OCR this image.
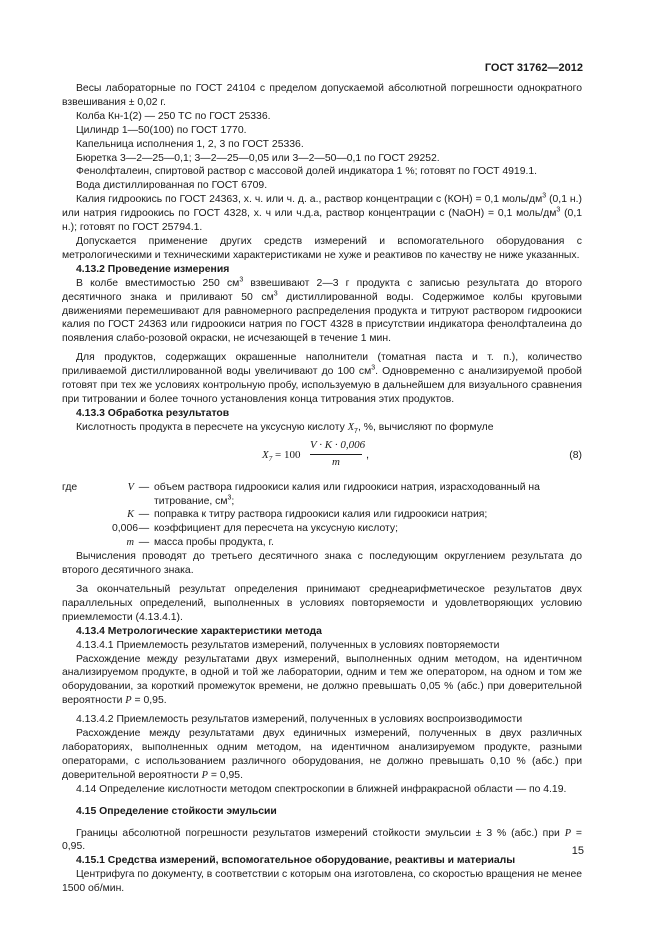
ГОСТ 31762—2012

Весы лабораторные по ГОСТ 24104 с пределом допускаемой абсолютной погрешности однократного взвешивания ± 0,02 г.

Колба Кн-1(2) — 250 ТС по ГОСТ 25336.

Цилиндр 1—50(100) по ГОСТ 1770.

Капельница исполнения 1, 2, 3 по ГОСТ 25336.

Бюретка 3—2—25—0,1; 3—2—25—0,05 или 3—2—50—0,1 по ГОСТ 29252.

Фенолфталеин, спиртовой раствор с массовой долей индикатора 1 %; готовят по ГОСТ 4919.1.

Вода дистиллированная по ГОСТ 6709.

Калия гидроокись по ГОСТ 24363, х. ч. или ч. д. а., раствор концентрации с (КОН) = 0,1 моль/$дм^3$ (0,1 н.) или натрия гидроокись по ГОСТ 4328, х. ч или ч.д.а, раствор концентрации с (NaOH) = 0,1 моль/$дм^3$ (0,1 н.); готовят по ГОСТ 25794.1.

Допускается применение других средств измерений и вспомогательного оборудования с метрологическими и техническими характеристиками не хуже и реактивов по качеству не ниже указанных.

4.13.2 Проведение измерения

В колбе вместимостью 250 $см^3$ взвешивают 2—3 г продукта с записью результата до второго десятичного знака и приливают 50 $см^3$ дистиллированной воды. Содержимое колбы круговыми движениями перемешивают для равномерного распределения продукта и титруют раствором гидроокиси калия по ГОСТ 24363 или гидроокиси натрия по ГОСТ 4328 в присутствии индикатора фенолфталеина до появления слабо-розовой окраски, не исчезающей в течение 1 мин.

Для продуктов, содержащих окрашенные наполнители (томатная паста и т. п.), количество приливаемой дистиллированной воды увеличивают до 100 $см^3$. Одновременно с анализируемой пробой готовят при тех же условиях контрольную пробу, используемую в дальнейшем для визуального сравнения при титровании и более точного установления конца титрования этих продуктов.

4.13.3 Обработка результатов

Кислотность продукта в пересчете на уксусную кислоту $X_7$, %, вычисляют по формуле

$X_7 = 100 \frac{V \cdot K \cdot 0,006}{m}$ ,	(8)
где	V — объем раствора гидроокиси калия или гидроокиси натрия, израсходованный на титрование, $см^3$;
K — поправка к титру раствора гидроокиси калия или гидроокиси натрия;
0,006 — коэффициент для пересчета на уксусную кислоту;
m — масса пробы продукта, г.

Вычисления проводят до третьего десятичного знака с последующим округлением результата до второго десятичного знака.

За окончательный результат определения принимают среднеарифметическое результатов двух параллельных определений, выполненных в условиях повторяемости и удовлетворяющих условию приемлемости (4.13.4.1).

4.13.4 Метрологические характеристики метода

4.13.4.1 Приемлемость результатов измерений, полученных в условиях повторяемости

Расхождение между результатами двух измерений, выполненных одним методом, на идентичном анализируемом продукте, в одной и той же лаборатории, одним и тем же оператором, на одном и том же оборудовании, за короткий промежуток времени, не должно превышать 0,05 % (абс.) при доверительной вероятности P = 0,95.

4.13.4.2 Приемлемость результатов измерений, полученных в условиях воспроизводимости

Расхождение между результатами двух единичных измерений, полученных в двух различных лабораториях, выполненных одним методом, на идентичном анализируемом продукте, разными операторами, с использованием различного оборудования, не должно превышать 0,10 % (абс.) при доверительной вероятности P = 0,95.

4.14 Определение кислотности методом спектроскопии в ближней инфракрасной области — по 4.19.

4.15 Определение стойкости эмульсии

Границы абсолютной погрешности результатов измерений стойкости эмульсии ± 3 % (абс.) при P = 0,95.

4.15.1 Средства измерений, вспомогательное оборудование, реактивы и материалы

Центрифуга по документу, в соответствии с которым она изготовлена, со скоростью вращения не менее 1500 об/мин.

15
